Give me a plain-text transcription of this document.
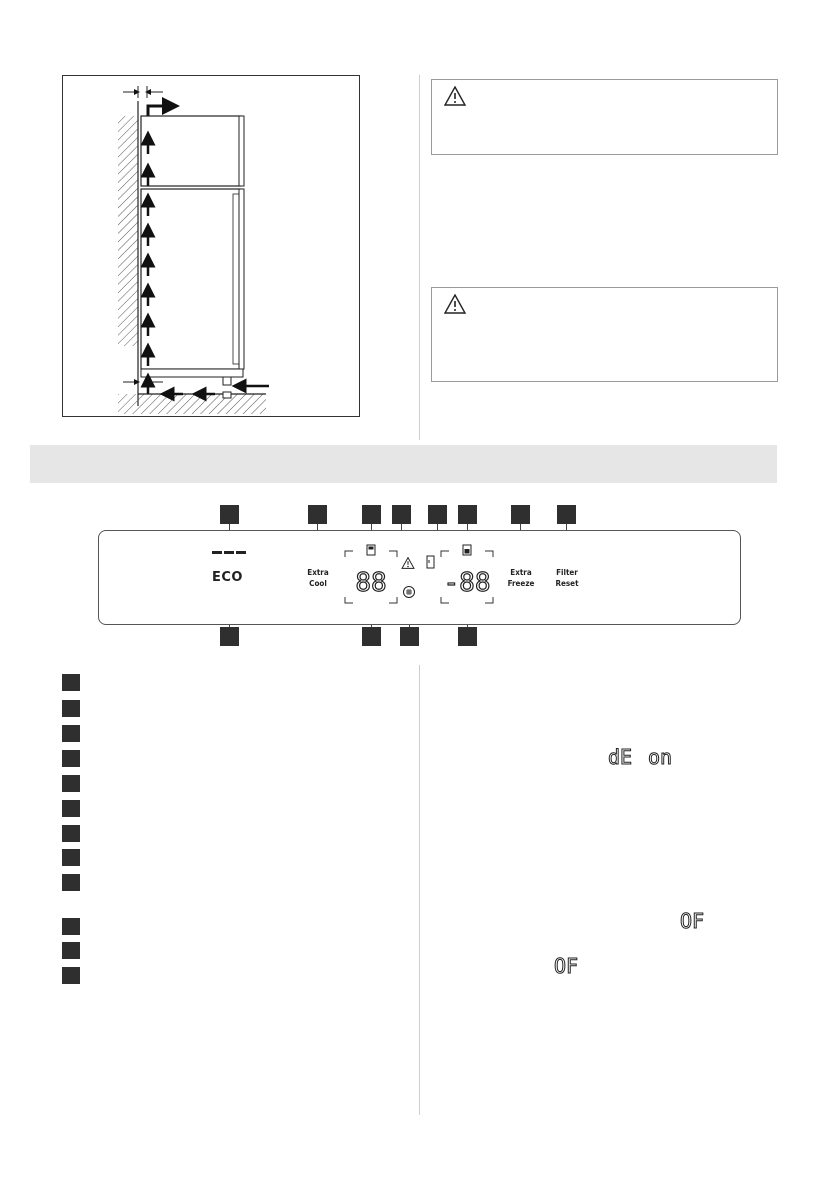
ECO	Extra
Cool	88 -88	Extra
Freeze
Filter
Reset
dE on
OF
OF
